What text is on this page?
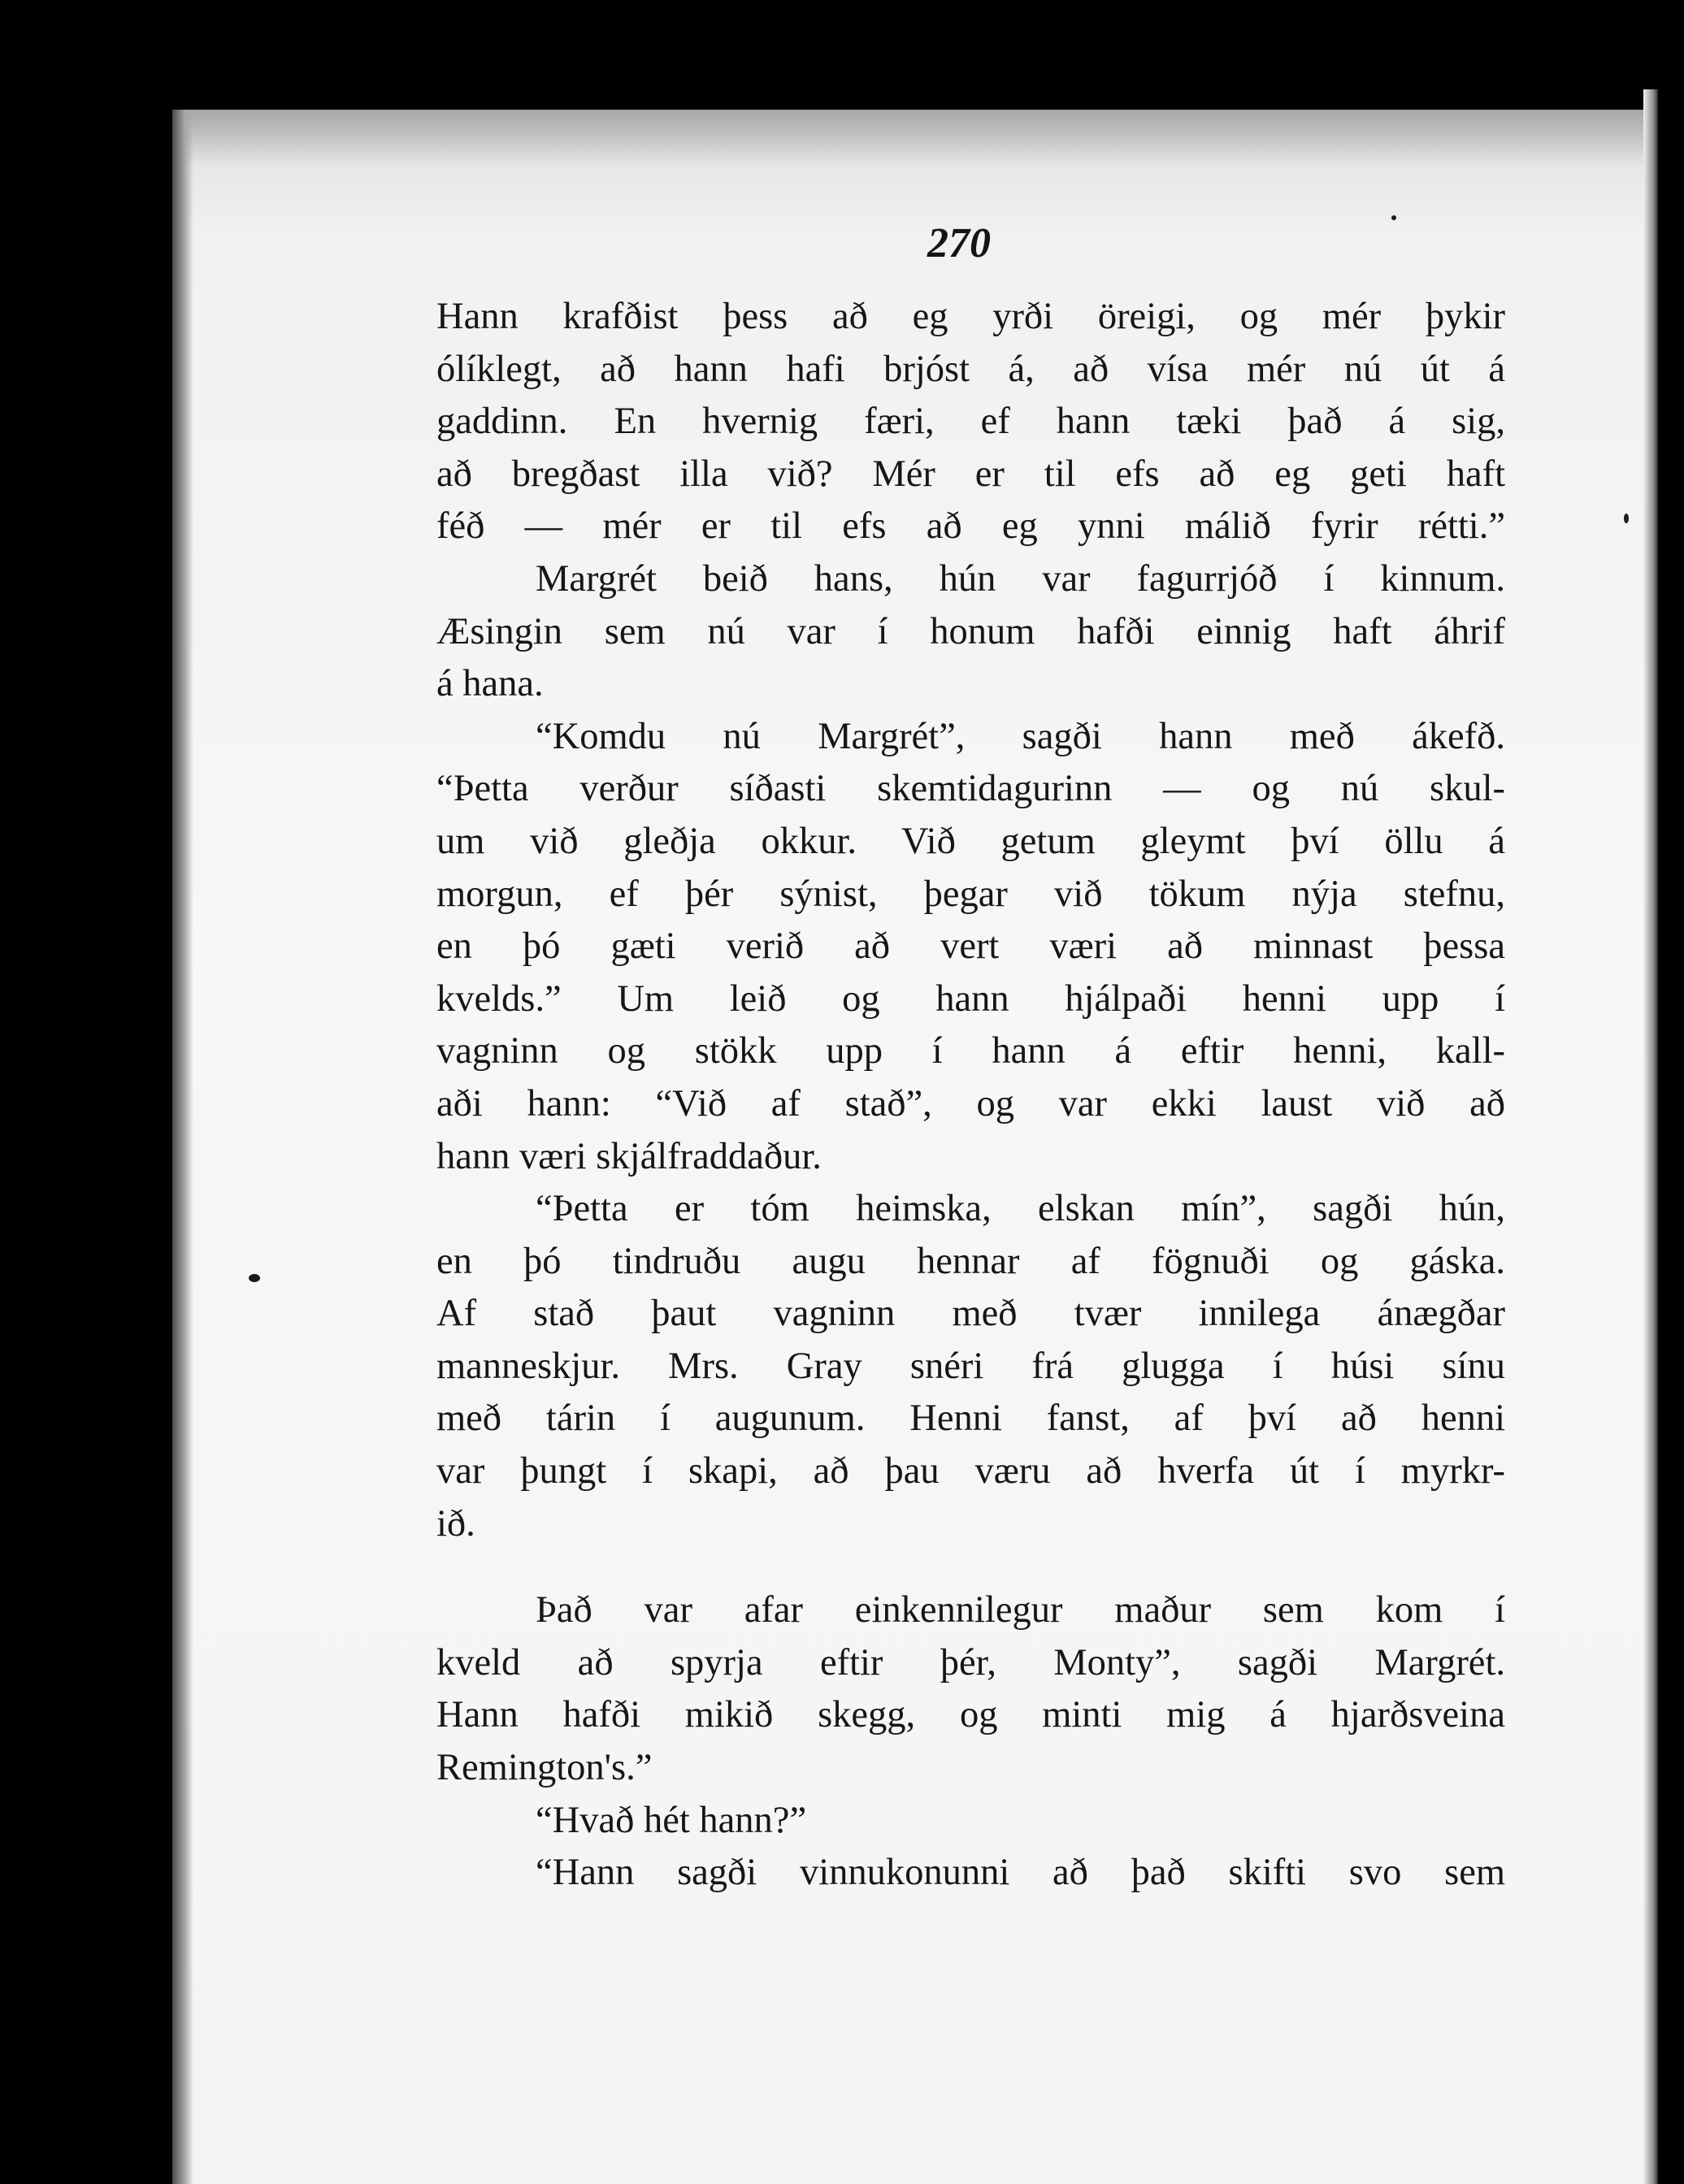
270
Hann krafðist þess að eg yrði öreigi, og mér þykir
ólíklegt, að hann hafi brjóst á, að vísa mér nú út á
gaddinn. En hvernig færi, ef hann tæki það á sig,
að bregðast illa við? Mér er til efs að eg geti haft
féð — mér er til efs að eg ynni málið fyrir rétti.”
Margrét beið hans, hún var fagurrjóð í kinnum.
Æsingin sem nú var í honum hafði einnig haft áhrif
á hana.
“Komdu nú Margrét”, sagði hann með ákefð.
“Þetta verður síðasti skemtidagurinn — og nú skul-
um við gleðja okkur. Við getum gleymt því öllu á
morgun, ef þér sýnist, þegar við tökum nýja stefnu,
en þó gæti verið að vert væri að minnast þessa
kvelds.” Um leið og hann hjálpaði henni upp í
vagninn og stökk upp í hann á eftir henni, kall-
aði hann: “Við af stað”, og var ekki laust við að
hann væri skjálfraddaður.
“Þetta er tóm heimska, elskan mín”, sagði hún,
en þó tindruðu augu hennar af fögnuði og gáska.
Af stað þaut vagninn með tvær innilega ánægðar
manneskjur. Mrs. Gray snéri frá glugga í húsi sínu
með tárin í augunum. Henni fanst, af því að henni
var þungt í skapi, að þau væru að hverfa út í myrkr-
ið.
Það var afar einkennilegur maður sem kom í
kveld að spyrja eftir þér, Monty”, sagði Margrét.
Hann hafði mikið skegg, og minti mig á hjarðsveina
Remington's.”
“Hvað hét hann?”
“Hann sagði vinnukonunni að það skifti svo sem
